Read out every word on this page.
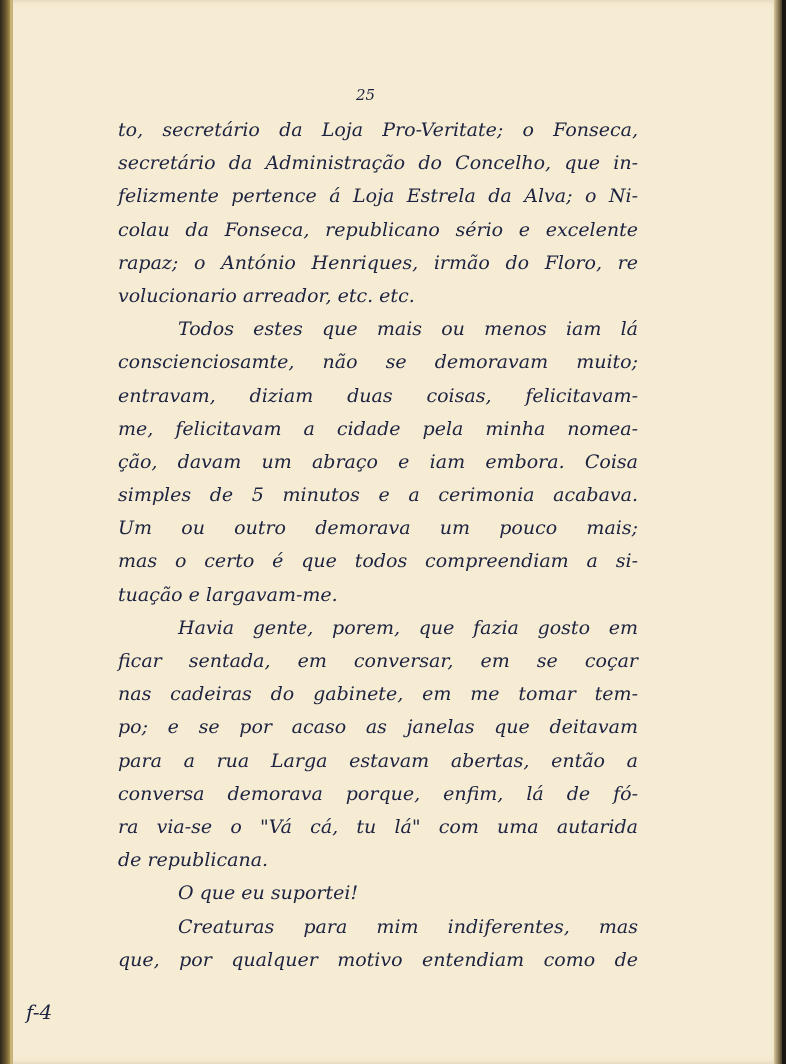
25
to, secretário da Loja Pro-Veritate; o Fonseca,
secretário da Administração do Concelho, que in-
felizmente pertence á Loja Estrela da Alva; o Ni-
colau da Fonseca, republicano sério e excelente
rapaz; o António Henriques, irmão do Floro, re
volucionario arreador, etc. etc.
Todos estes que mais ou menos iam lá
conscienciosamte, não se demoravam muito;
entravam, diziam duas coisas, felicitavam-
me, felicitavam a cidade pela minha nomea-
ção, davam um abraço e iam embora. Coisa
simples de 5 minutos e a cerimonia acabava.
Um ou outro demorava um pouco mais;
mas o certo é que todos compreendiam a si-
tuação e largavam-me.
Havia gente, porem, que fazia gosto em
ficar sentada, em conversar, em se coçar
nas cadeiras do gabinete, em me tomar tem-
po; e se por acaso as janelas que deitavam
para a rua Larga estavam abertas, então a
conversa demorava porque, enfim, lá de fó-
ra via-se o "Vá cá, tu lá" com uma autarida
de republicana.
O que eu suportei!
Creaturas para mim indiferentes, mas
que, por qualquer motivo entendiam como de
f-4
